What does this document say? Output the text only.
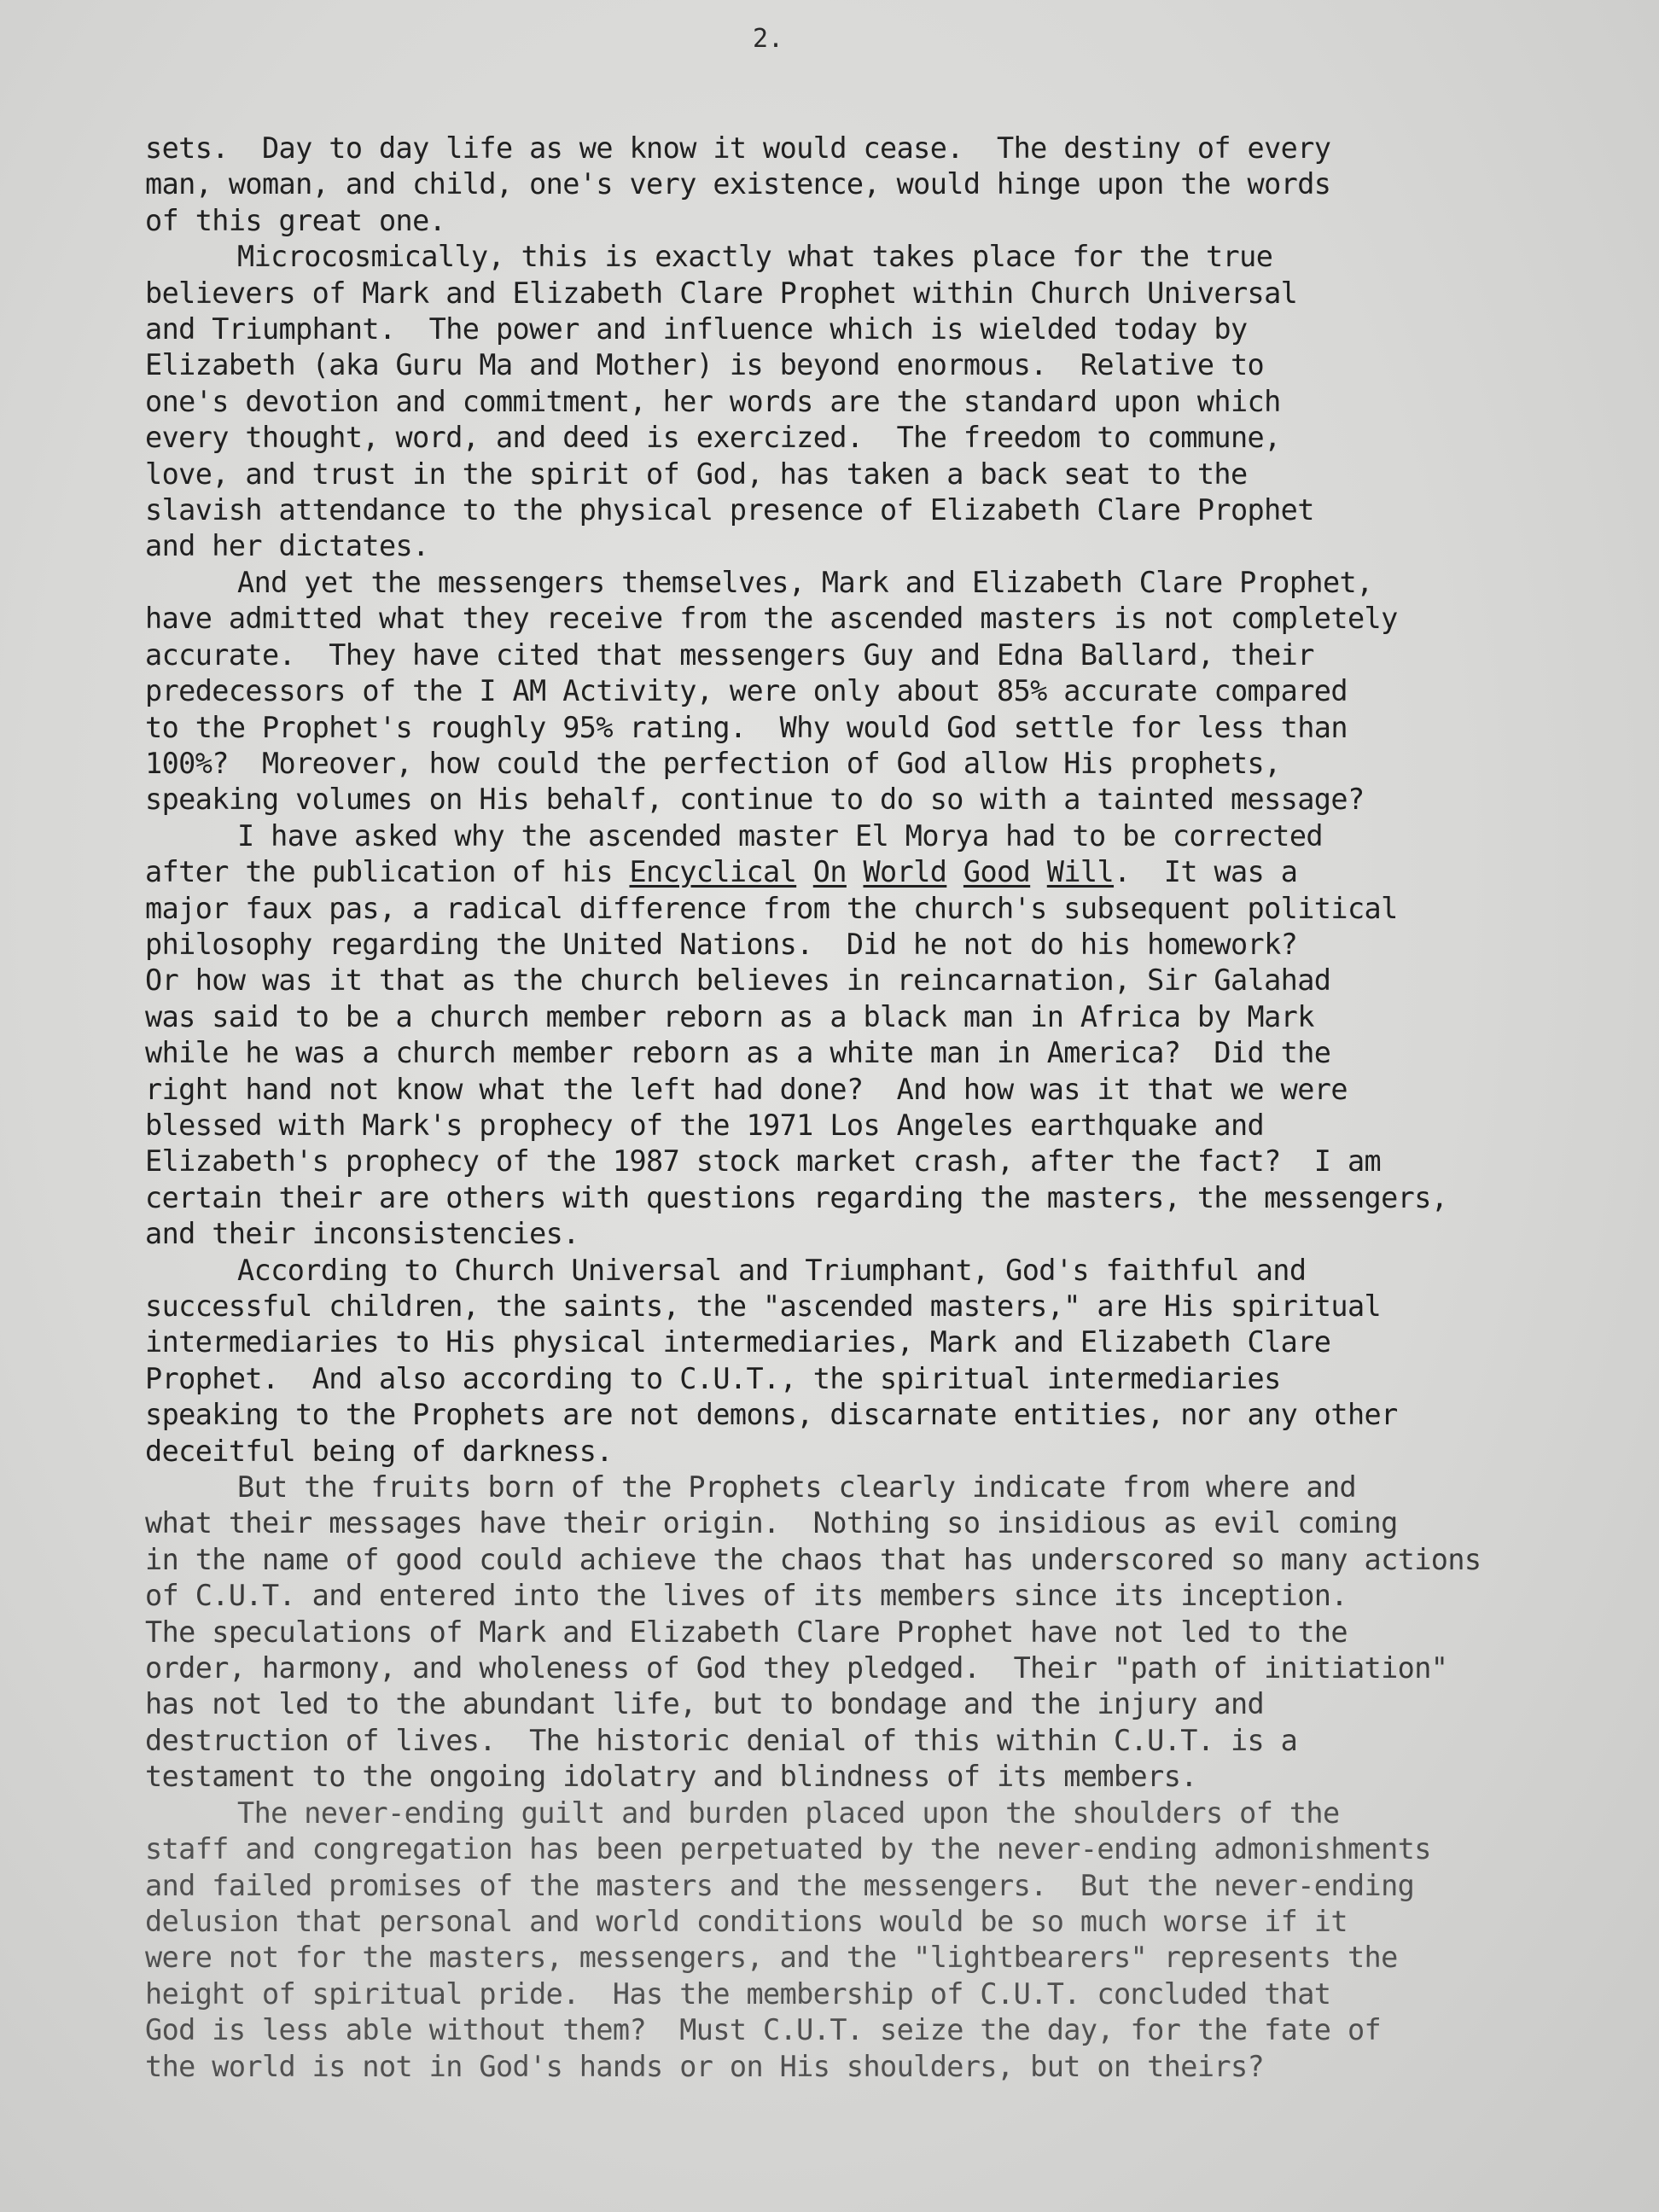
2.
sets.  Day to day life as we know it would cease.  The destiny of every
man, woman, and child, one's very existence, would hinge upon the words
of this great one.
Microcosmically, this is exactly what takes place for the true
believers of Mark and Elizabeth Clare Prophet within Church Universal
and Triumphant.  The power and influence which is wielded today by
Elizabeth (aka Guru Ma and Mother) is beyond enormous.  Relative to
one's devotion and commitment, her words are the standard upon which
every thought, word, and deed is exercized.  The freedom to commune,
love, and trust in the spirit of God, has taken a back seat to the
slavish attendance to the physical presence of Elizabeth Clare Prophet
and her dictates.
And yet the messengers themselves, Mark and Elizabeth Clare Prophet,
have admitted what they receive from the ascended masters is not completely
accurate.  They have cited that messengers Guy and Edna Ballard, their
predecessors of the I AM Activity, were only about 85% accurate compared
to the Prophet's roughly 95% rating.  Why would God settle for less than
100%?  Moreover, how could the perfection of God allow His prophets,
speaking volumes on His behalf, continue to do so with a tainted message?
I have asked why the ascended master El Morya had to be corrected
after the publication of his Encyclical On World Good Will.  It was a
major faux pas, a radical difference from the church's subsequent political
philosophy regarding the United Nations.  Did he not do his homework?
Or how was it that as the church believes in reincarnation, Sir Galahad
was said to be a church member reborn as a black man in Africa by Mark
while he was a church member reborn as a white man in America?  Did the
right hand not know what the left had done?  And how was it that we were
blessed with Mark's prophecy of the 1971 Los Angeles earthquake and
Elizabeth's prophecy of the 1987 stock market crash, after the fact?  I am
certain their are others with questions regarding the masters, the messengers,
and their inconsistencies.
According to Church Universal and Triumphant, God's faithful and
successful children, the saints, the "ascended masters," are His spiritual
intermediaries to His physical intermediaries, Mark and Elizabeth Clare
Prophet.  And also according to C.U.T., the spiritual intermediaries
speaking to the Prophets are not demons, discarnate entities, nor any other
deceitful being of darkness.
But the fruits born of the Prophets clearly indicate from where and
what their messages have their origin.  Nothing so insidious as evil coming
in the name of good could achieve the chaos that has underscored so many actions
of C.U.T. and entered into the lives of its members since its inception.
The speculations of Mark and Elizabeth Clare Prophet have not led to the
order, harmony, and wholeness of God they pledged.  Their "path of initiation"
has not led to the abundant life, but to bondage and the injury and
destruction of lives.  The historic denial of this within C.U.T. is a
testament to the ongoing idolatry and blindness of its members.
The never-ending guilt and burden placed upon the shoulders of the
staff and congregation has been perpetuated by the never-ending admonishments
and failed promises of the masters and the messengers.  But the never-ending
delusion that personal and world conditions would be so much worse if it
were not for the masters, messengers, and the "lightbearers" represents the
height of spiritual pride.  Has the membership of C.U.T. concluded that
God is less able without them?  Must C.U.T. seize the day, for the fate of
the world is not in God's hands or on His shoulders, but on theirs?
